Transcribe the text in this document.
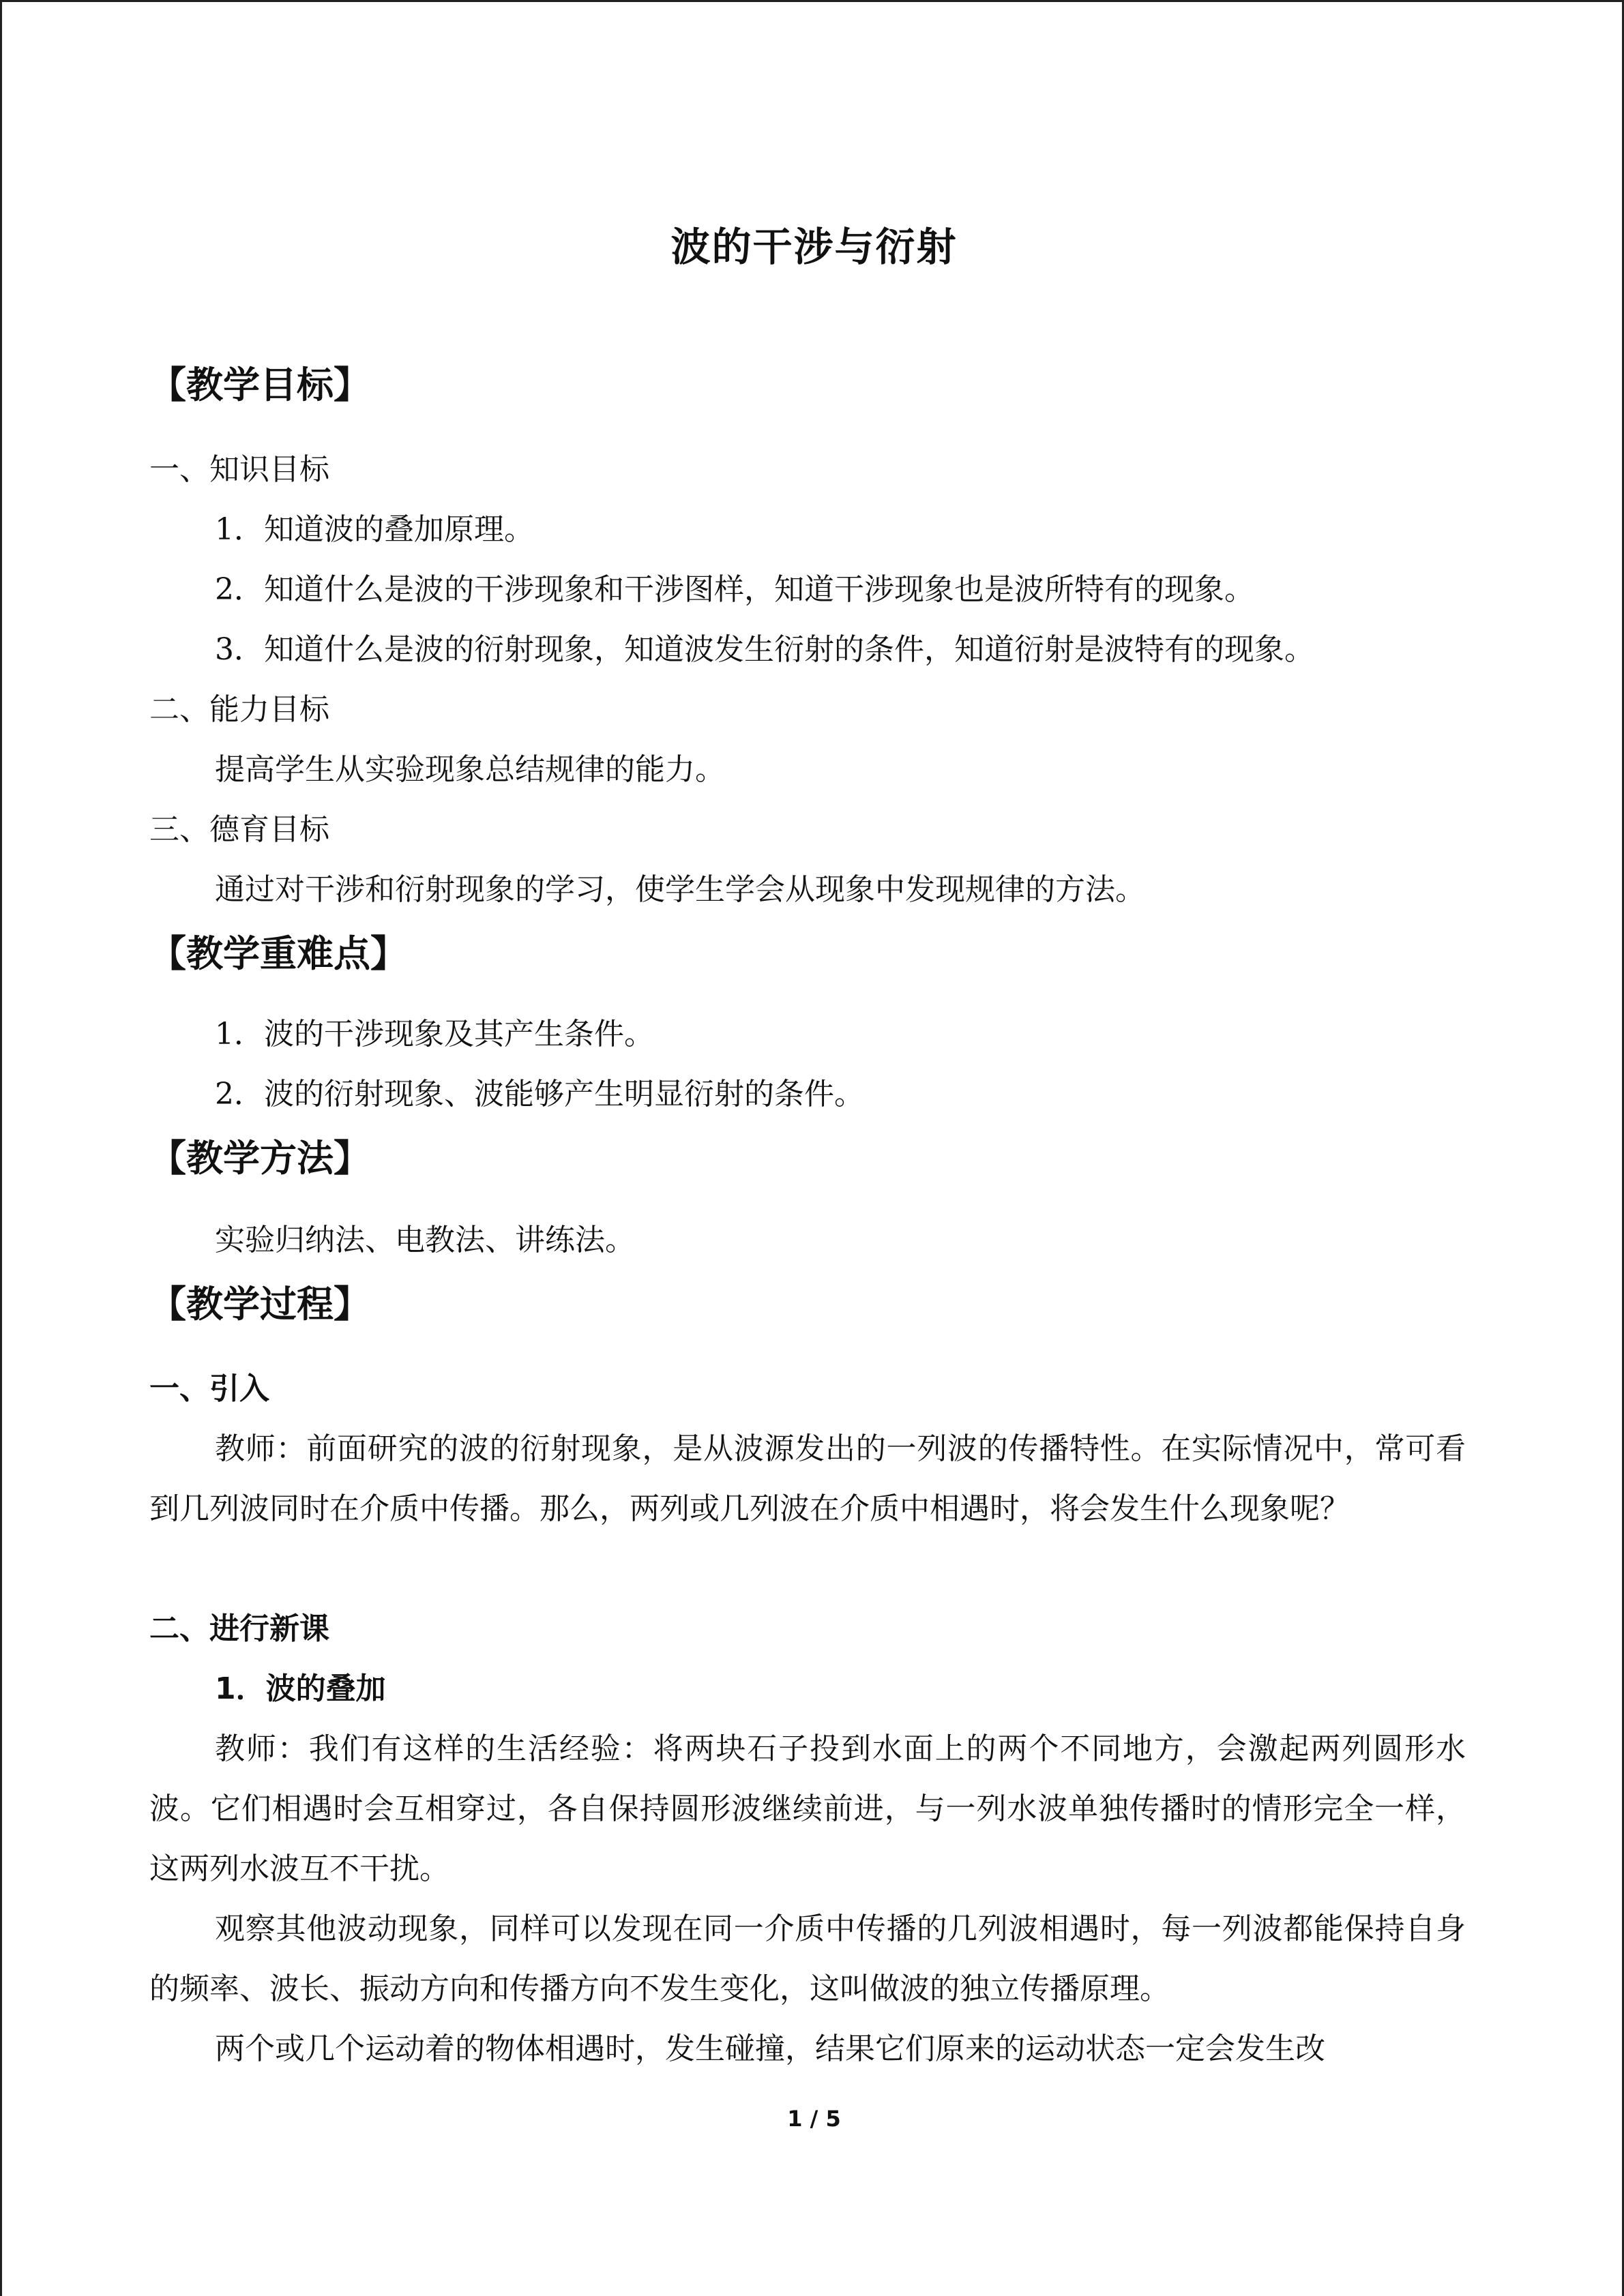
波的干涉与衍射
【教学目标】
一、知识目标
1．知道波的叠加原理。
2．知道什么是波的干涉现象和干涉图样，知道干涉现象也是波所特有的现象。
3．知道什么是波的衍射现象，知道波发生衍射的条件，知道衍射是波特有的现象。
二、能力目标
提高学生从实验现象总结规律的能力。
三、德育目标
通过对干涉和衍射现象的学习，使学生学会从现象中发现规律的方法。
【教学重难点】
1．波的干涉现象及其产生条件。
2．波的衍射现象、波能够产生明显衍射的条件。
【教学方法】
实验归纳法、电教法、讲练法。
【教学过程】
一、引入
教师：前面研究的波的衍射现象，是从波源发出的一列波的传播特性。在实际情况中，常可看到几列波同时在介质中传播。那么，两列或几列波在介质中相遇时，将会发生什么现象呢？
二、进行新课
1．波的叠加
教师：我们有这样的生活经验：将两块石子投到水面上的两个不同地方，会激起两列圆形水波。它们相遇时会互相穿过，各自保持圆形波继续前进，与一列水波单独传播时的情形完全一样，这两列水波互不干扰。
观察其他波动现象，同样可以发现在同一介质中传播的几列波相遇时，每一列波都能保持自身的频率、波长、振动方向和传播方向不发生变化，这叫做波的独立传播原理。
两个或几个运动着的物体相遇时，发生碰撞，结果它们原来的运动状态一定会发生改
1 / 5
